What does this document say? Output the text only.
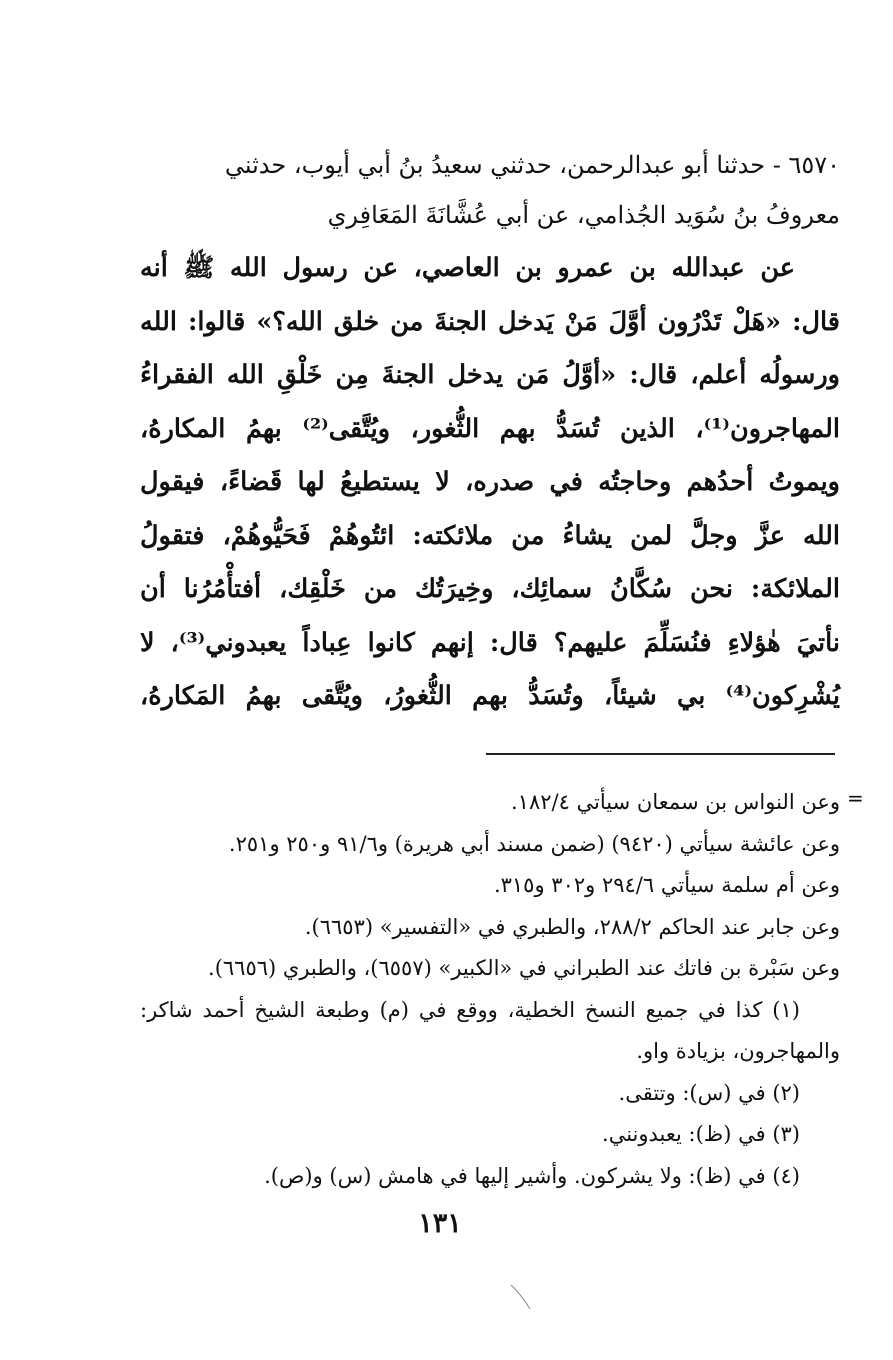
٦٥٧٠ - حدثنا أبو عبدالرحمن، حدثني سعيدُ بنُ أبي أيوب، حدثني
معروفُ بنُ سُوَيد الجُذامي، عن أبي عُشَّانَةَ المَعَافِري
عن عبدالله بن عمرو بن العاصي، عن رسول الله ﷺ أنه
قال: «هَلْ تَدْرُون أوَّلَ مَنْ يَدخل الجنةَ من خلق الله؟» قالوا: الله
ورسولُه أعلم، قال: «أوَّلُ مَن يدخل الجنةَ مِن خَلْقِ الله الفقراءُ
المهاجرون⁽¹⁾، الذين تُسَدُّ بهم الثُّغور، ويُتَّقى⁽²⁾ بهمُ المكارهُ،
ويموتُ أحدُهم وحاجتُه في صدره، لا يستطيعُ لها قَضاءً، فيقول
الله عزَّ وجلَّ لمن يشاءُ من ملائكته: ائتُوهُمْ فَحَيُّوهُمْ، فتقولُ
الملائكة: نحن سُكَّانُ سمائِك، وخِيرَتُك من خَلْقِك، أفتأْمُرُنا أن
نأتيَ هٰؤلاءِ فنُسَلِّمَ عليهم؟ قال: إنهم كانوا عِباداً يعبدوني⁽³⁾، لا
يُشْرِكون⁽⁴⁾ بي شيئاً، وتُسَدُّ بهم الثُّغورُ، ويُتَّقى بهمُ المَكارهُ،
=
وعن النواس بن سمعان سيأتي ١٨٢/٤.
وعن عائشة سيأتي (٩٤٢٠) (ضمن مسند أبي هريرة) و٩١/٦ و٢٥٠ و٢٥١.
وعن أم سلمة سيأتي ٢٩٤/٦ و٣٠٢ و٣١٥.
وعن جابر عند الحاكم ٢٨٨/٢، والطبري في «التفسير» (٦٦٥٣).
وعن سَبْرة بن فاتك عند الطبراني في «الكبير» (٦٥٥٧)، والطبري (٦٦٥٦).
(١) كذا في جميع النسخ الخطية، ووقع في (م) وطبعة الشيخ أحمد شاكر:
والمهاجرون، بزيادة واو.
(٢) في (س): وتتقى.
(٣) في (ظ): يعبدونني.
(٤) في (ظ): ولا يشركون. وأشير إليها في هامش (س) و(ص).
١٣١
